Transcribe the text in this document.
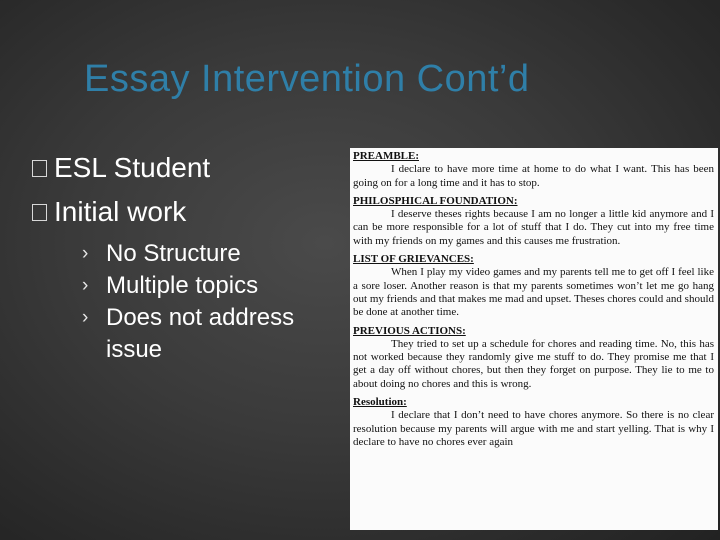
Essay Intervention Cont’d
ESL Student
Initial work
› No Structure
› Multiple topics
› Does not address issue
PREAMBLE:
I declare to have more time at home to do what I want. This has been going on for a long time and it has to stop.
PHILOSPHICAL FOUNDATION:
I deserve theses rights because I am no longer a little kid anymore and I can be more responsible for a lot of stuff that I do. They cut into my free time with my friends on my games and this causes me frustration.
LIST OF GRIEVANCES:
When I play my video games and my parents tell me to get off I feel like a sore loser. Another reason is that my parents sometimes won’t let me go hang out my friends and that makes me mad and upset. Theses chores could and should be done at another time.
PREVIOUS ACTIONS:
They tried to set up a schedule for chores and reading time. No, this has not worked because they randomly give me stuff to do. They promise me that I get a day off without chores, but then they forget on purpose. They lie to me to about doing no chores and this is wrong.
Resolution:
I declare that I don’t need to have chores anymore. So there is no clear resolution because my parents will argue with me and start yelling. That is why I declare to have no chores ever again
